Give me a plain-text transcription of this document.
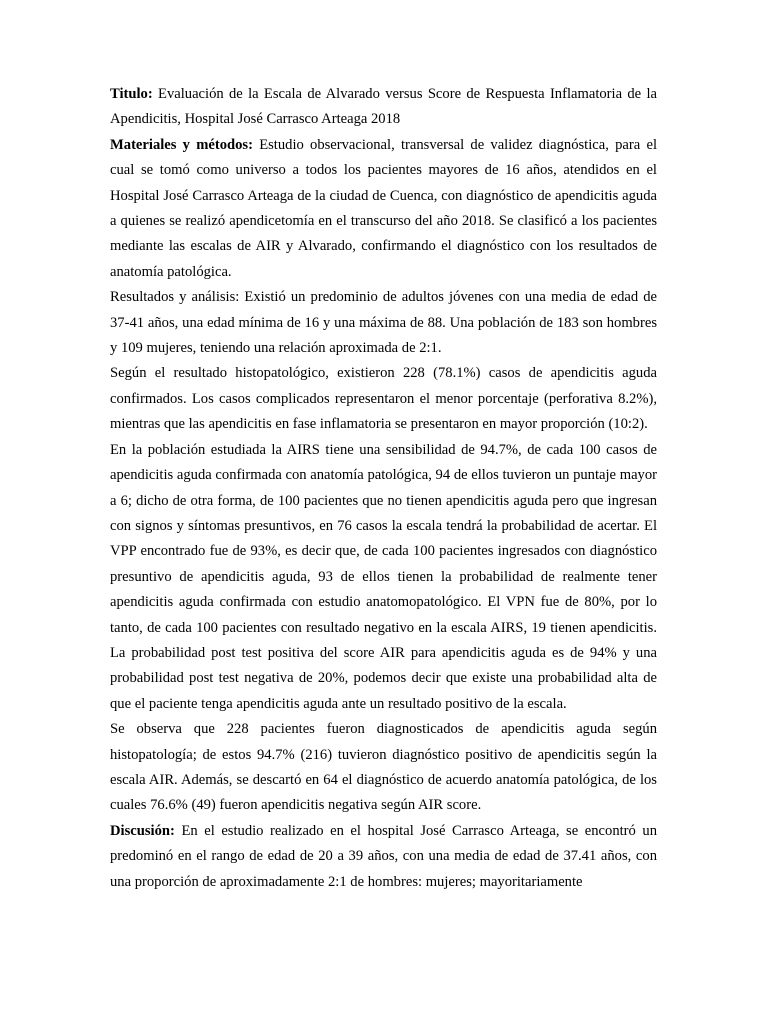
Titulo: Evaluación de la Escala de Alvarado versus Score de Respuesta Inflamatoria de la Apendicitis, Hospital José Carrasco Arteaga 2018

Materiales y métodos: Estudio observacional, transversal de validez diagnóstica, para el cual se tomó como universo a todos los pacientes mayores de 16 años, atendidos en el Hospital José Carrasco Arteaga de la ciudad de Cuenca, con diagnóstico de apendicitis aguda a quienes se realizó apendicetomía en el transcurso del año 2018. Se clasificó a los pacientes mediante las escalas de AIR y Alvarado, confirmando el diagnóstico con los resultados de anatomía patológica.

Resultados y análisis: Existió un predominio de adultos jóvenes con una media de edad de 37-41 años, una edad mínima de 16 y una máxima de 88. Una población de 183 son hombres y 109 mujeres, teniendo una relación aproximada de 2:1.

Según el resultado histopatológico, existieron 228 (78.1%) casos de apendicitis aguda confirmados. Los casos complicados representaron el menor porcentaje (perforativa 8.2%), mientras que las apendicitis en fase inflamatoria se presentaron en mayor proporción (10:2).

En la población estudiada la AIRS tiene una sensibilidad de 94.7%, de cada 100 casos de apendicitis aguda confirmada con anatomía patológica, 94 de ellos tuvieron un puntaje mayor a 6; dicho de otra forma, de 100 pacientes que no tienen apendicitis aguda pero que ingresan con signos y síntomas presuntivos, en 76 casos la escala tendrá la probabilidad de acertar. El VPP encontrado fue de 93%, es decir que, de cada 100 pacientes ingresados con diagnóstico presuntivo de apendicitis aguda, 93 de ellos tienen la probabilidad de realmente tener apendicitis aguda confirmada con estudio anatomopatológico. El VPN fue de 80%, por lo tanto, de cada 100 pacientes con resultado negativo en la escala AIRS, 19 tienen apendicitis. La probabilidad post test positiva del score AIR para apendicitis aguda es de 94% y una probabilidad post test negativa de 20%, podemos decir que existe una probabilidad alta de que el paciente tenga apendicitis aguda ante un resultado positivo de la escala.

Se observa que 228 pacientes fueron diagnosticados de apendicitis aguda según histopatología; de estos 94.7% (216) tuvieron diagnóstico positivo de apendicitis según la escala AIR. Además, se descartó en 64 el diagnóstico de acuerdo anatomía patológica, de los cuales 76.6% (49) fueron apendicitis negativa según AIR score.

Discusión: En el estudio realizado en el hospital José Carrasco Arteaga, se encontró un predominó en el rango de edad de 20 a 39 años, con una media de edad de 37.41 años, con una proporción de aproximadamente 2:1 de hombres: mujeres; mayoritariamente
